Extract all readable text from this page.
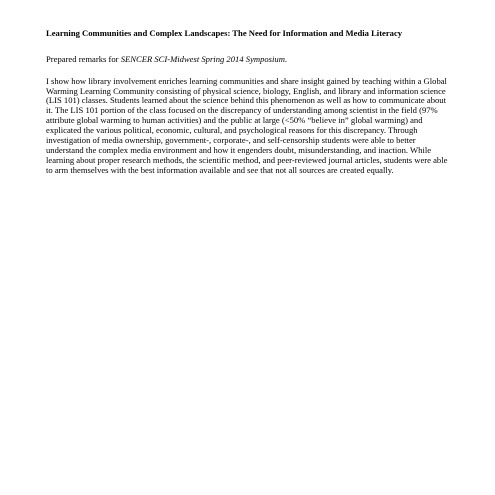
Learning Communities and Complex Landscapes: The Need for Information and Media Literacy

Prepared remarks for SENCER SCI-Midwest Spring 2014 Symposium.

I show how library involvement enriches learning communities and share insight gained by teaching within a Global Warming Learning Community consisting of physical science, biology, English, and library and information science (LIS 101) classes. Students learned about the science behind this phenomenon as well as how to communicate about it. The LIS 101 portion of the class focused on the discrepancy of understanding among scientist in the field (97% attribute global warming to human activities) and the public at large (<50% “believe in” global warming) and explicated the various political, economic, cultural, and psychological reasons for this discrepancy. Through investigation of media ownership, government-, corporate-, and self-censorship students were able to better understand the complex media environment and how it engenders doubt, misunderstanding, and inaction. While learning about proper research methods, the scientific method, and peer-reviewed journal articles, students were able to arm themselves with the best information available and see that not all sources are created equally.
